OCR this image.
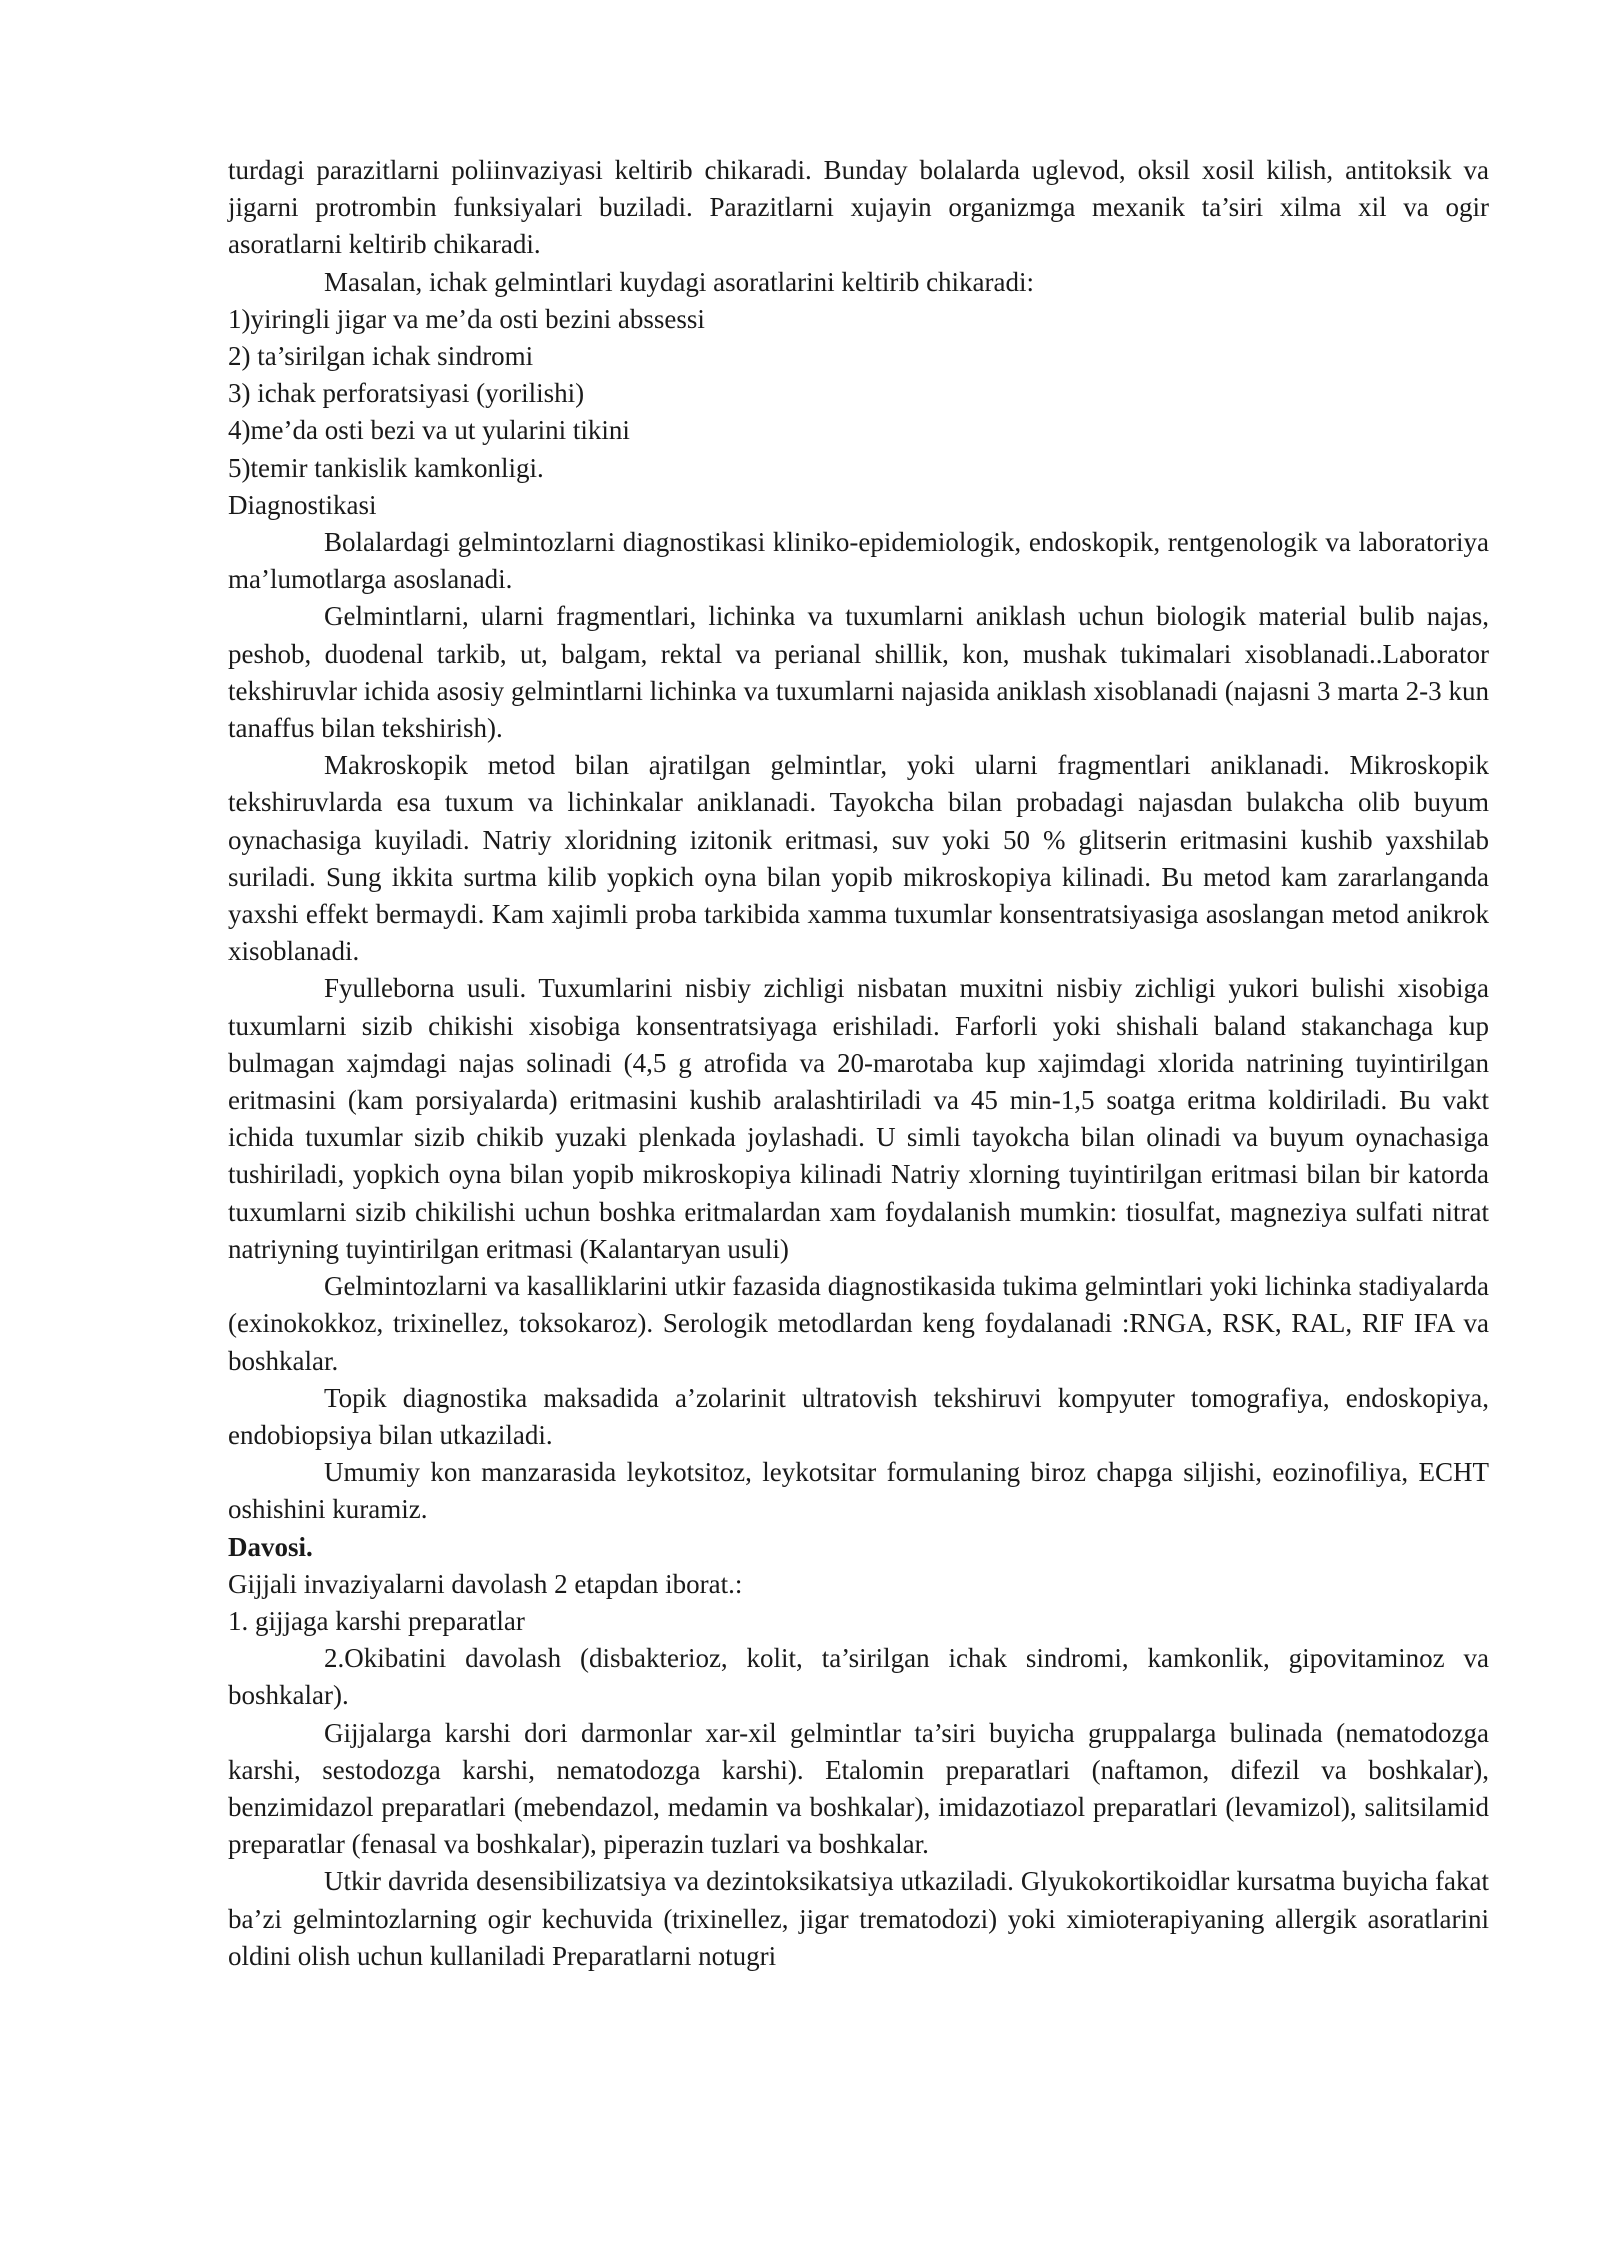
turdagi parazitlarni poliinvaziyasi keltirib chikaradi. Bunday bolalarda uglevod, oksil xosil kilish, antitoksik va jigarni protrombin funksiyalari buziladi. Parazitlarni xujayin organizmga mexanik ta’siri xilma xil va ogir asoratlarni keltirib chikaradi.

Masalan, ichak gelmintlari kuydagi asoratlarini keltirib chikaradi:

1)yiringli jigar va me’da osti bezini abssessi

2) ta’sirilgan ichak sindromi

3) ichak perforatsiyasi (yorilishi)

4)me’da osti bezi va ut yularini tikini

5)temir tankislik kamkonligi.

Diagnostikasi

Bolalardagi gelmintozlarni diagnostikasi kliniko-epidemiologik, endoskopik, rentgenologik va laboratoriya ma’lumotlarga asoslanadi.

Gelmintlarni, ularni fragmentlari, lichinka va tuxumlarni aniklash uchun biologik material bulib najas, peshob, duodenal tarkib, ut, balgam, rektal va perianal shillik, kon, mushak tukimalari xisoblanadi..Laborator tekshiruvlar ichida asosiy gelmintlarni lichinka va tuxumlarni najasida aniklash xisoblanadi (najasni 3 marta 2-3 kun tanaffus bilan tekshirish).

Makroskopik metod bilan ajratilgan gelmintlar, yoki ularni fragmentlari aniklanadi. Mikroskopik tekshiruvlarda esa tuxum va lichinkalar aniklanadi. Tayokcha bilan probadagi najasdan bulakcha olib buyum oynachasiga kuyiladi. Natriy xloridning izitonik eritmasi, suv yoki 50 % glitserin eritmasini kushib yaxshilab suriladi. Sung ikkita surtma kilib yopkich oyna bilan yopib mikroskopiya kilinadi. Bu metod kam zararlanganda yaxshi effekt bermaydi. Kam xajimli proba tarkibida xamma tuxumlar konsentratsiyasiga asoslangan metod anikrok xisoblanadi.

Fyulleborna usuli. Tuxumlarini nisbiy zichligi nisbatan muxitni nisbiy zichligi yukori bulishi xisobiga tuxumlarni sizib chikishi xisobiga konsentratsiyaga erishiladi. Farforli yoki shishali baland stakanchaga kup bulmagan xajmdagi najas solinadi (4,5 g atrofida va 20-marotaba kup xajimdagi xlorida natrining tuyintirilgan eritmasini (kam porsiyalarda) eritmasini kushib aralashtiriladi va 45 min-1,5 soatga eritma koldiriladi. Bu vakt ichida tuxumlar sizib chikib yuzaki plenkada joylashadi. U simli tayokcha bilan olinadi va buyum oynachasiga tushiriladi, yopkich oyna bilan yopib mikroskopiya kilinadi Natriy xlorning tuyintirilgan eritmasi bilan bir katorda tuxumlarni sizib chikilishi uchun boshka eritmalardan xam foydalanish mumkin: tiosulfat, magneziya sulfati nitrat natriyning tuyintirilgan eritmasi (Kalantaryan usuli)

Gelmintozlarni va kasalliklarini utkir fazasida diagnostikasida tukima gelmintlari yoki lichinka stadiyalarda (exinokokkoz, trixinellez, toksokaroz). Serologik metodlardan keng foydalanadi :RNGA, RSK, RAL, RIF IFA va boshkalar.

Topik diagnostika maksadida a’zolarinit ultratovish tekshiruvi kompyuter tomografiya, endoskopiya, endobiopsiya bilan utkaziladi.

Umumiy kon manzarasida leykotsitoz, leykotsitar formulaning biroz chapga siljishi, eozinofiliya, ECHT oshishini kuramiz.

Davosi.

Gijjali invaziyalarni davolash 2 etapdan iborat.:

1. gijjaga karshi preparatlar

2.Okibatini davolash (disbakterioz, kolit, ta’sirilgan ichak sindromi, kamkonlik, gipovitaminoz va boshkalar).

Gijjalarga karshi dori darmonlar xar-xil gelmintlar ta’siri buyicha gruppalarga bulinada (nematodozga karshi, sestodozga karshi, nematodozga karshi). Etalomin preparatlari (naftamon, difezil va boshkalar), benzimidazol preparatlari (mebendazol, medamin va boshkalar), imidazotiazol preparatlari (levamizol), salitsilamid preparatlar (fenasal va boshkalar), piperazin tuzlari va boshkalar.

Utkir davrida desensibilizatsiya va dezintoksikatsiya utkaziladi. Glyukokortikoidlar kursatma buyicha fakat ba’zi gelmintozlarning ogir kechuvida (trixinellez, jigar trematodozi) yoki ximioterapiyaning allergik asoratlarini oldini olish uchun kullaniladi Preparatlarni notugri
